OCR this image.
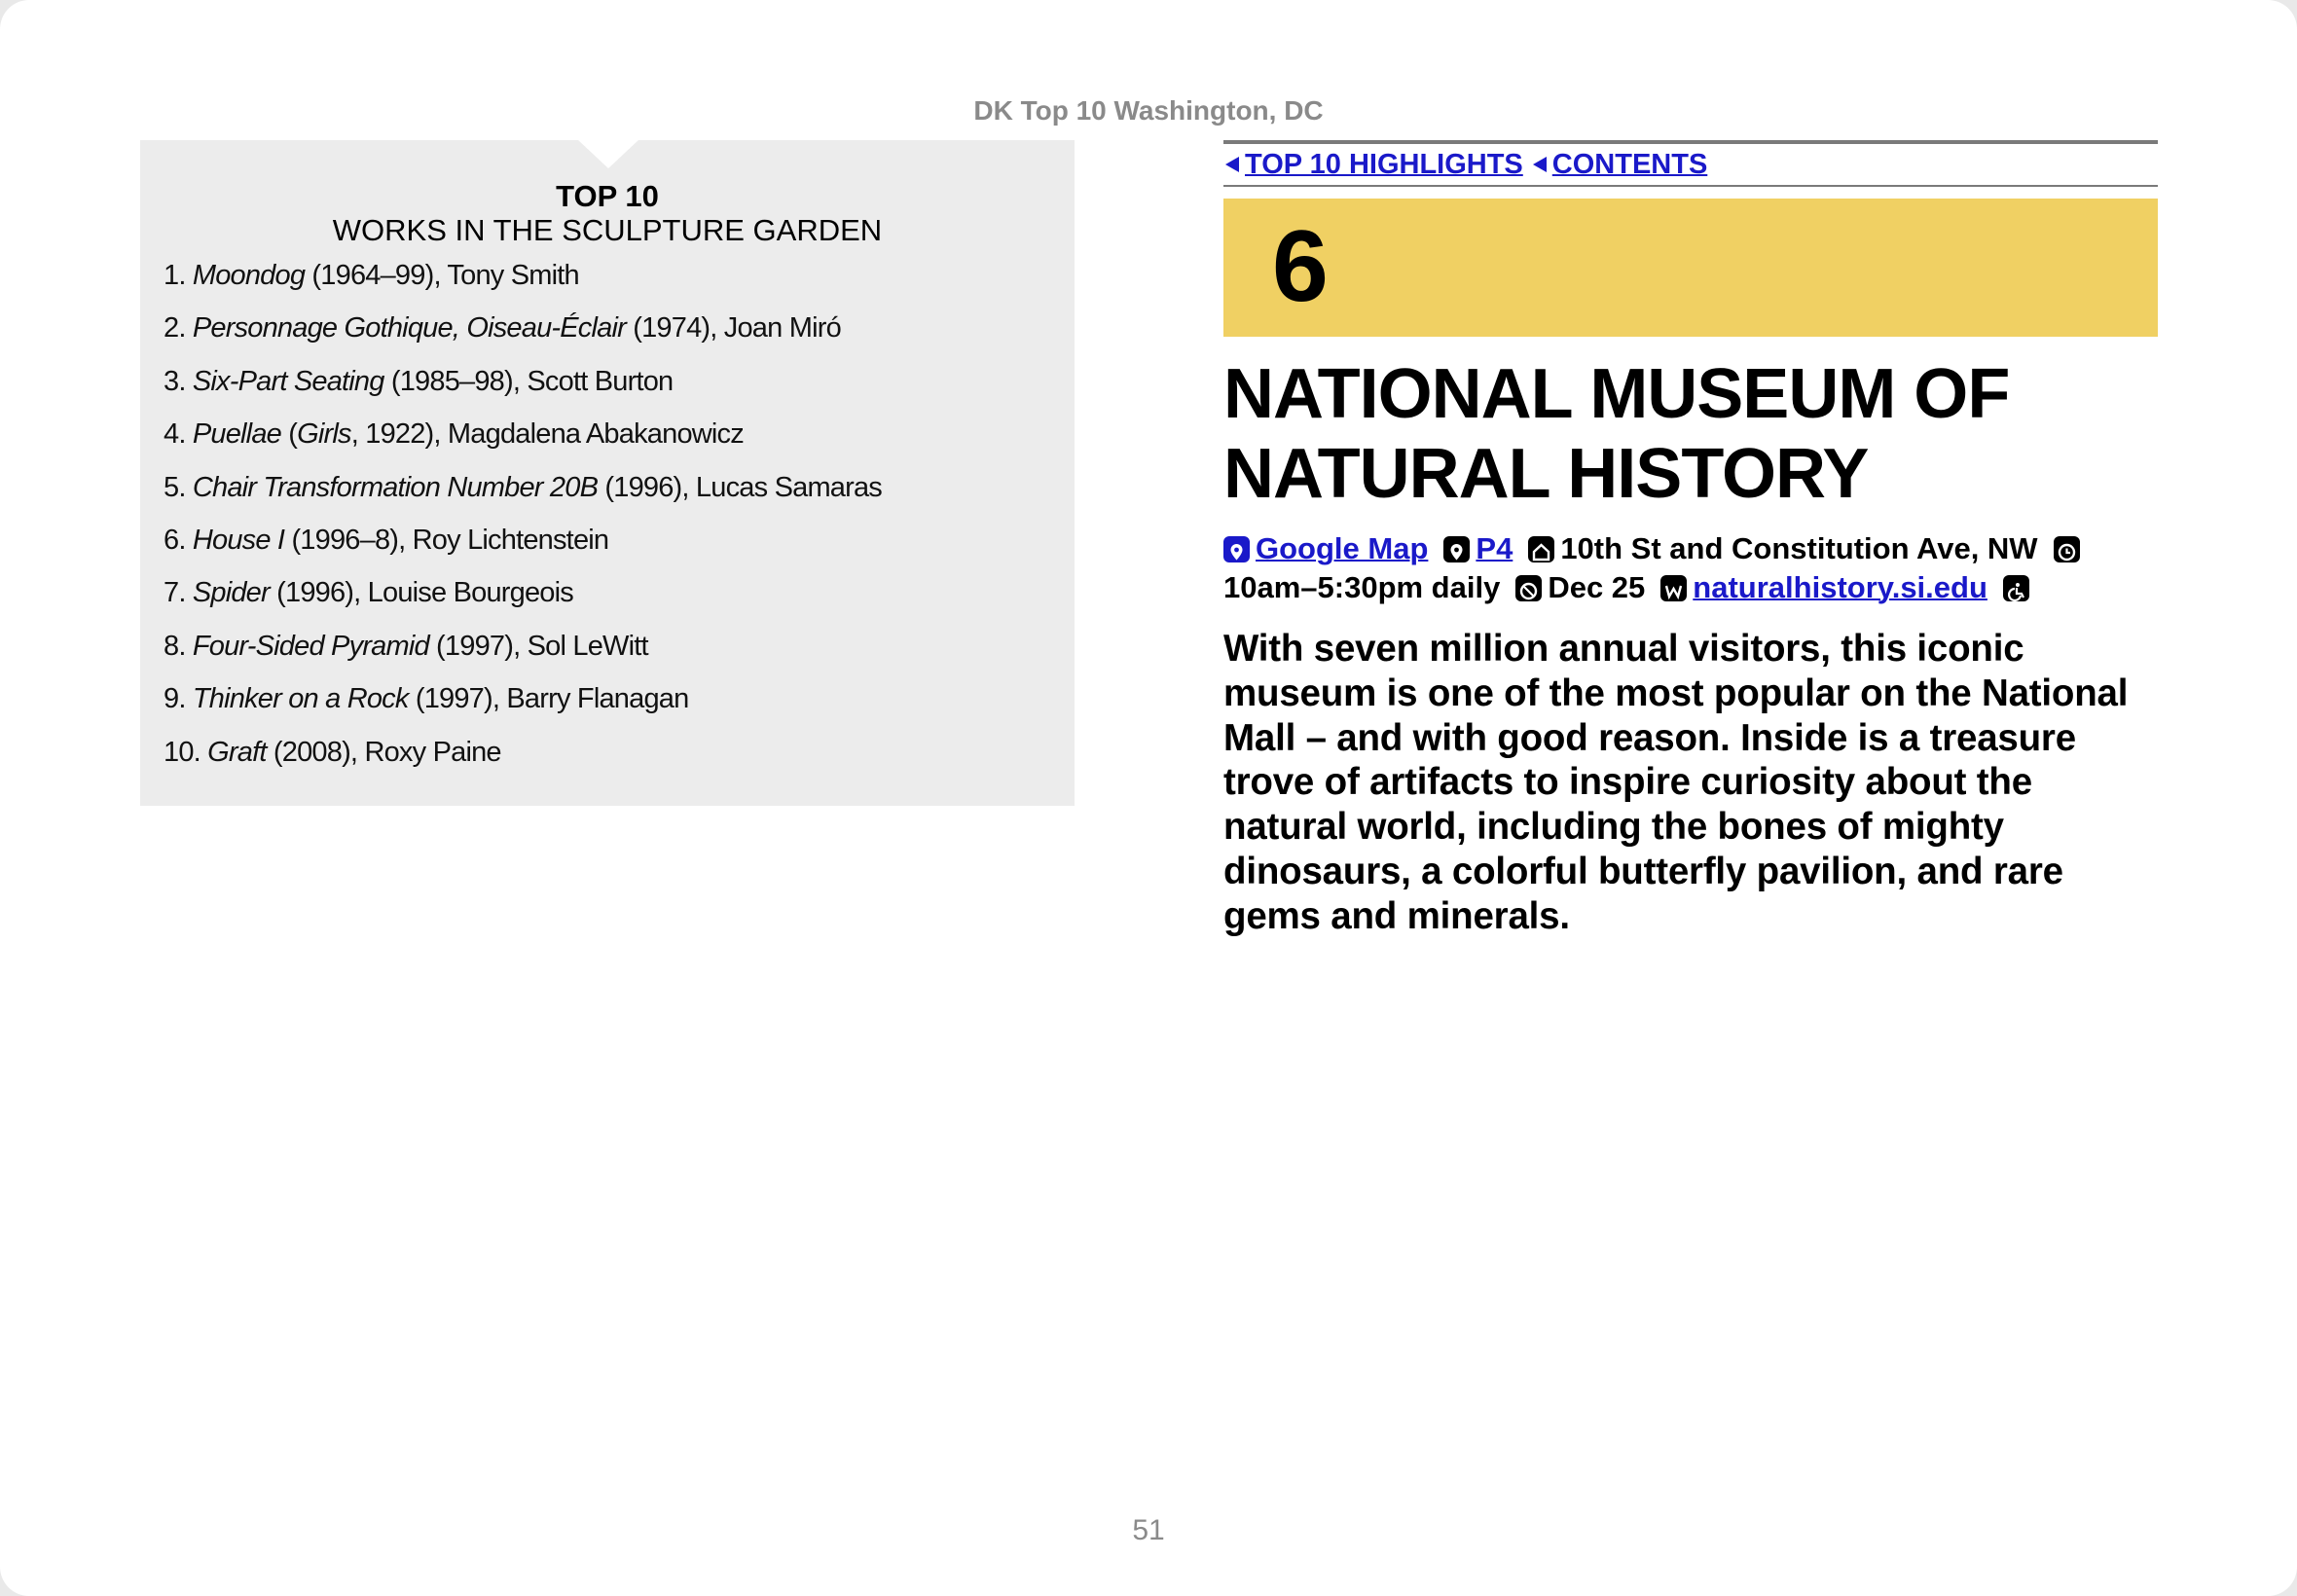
DK Top 10 Washington, DC
TOP 10
WORKS IN THE SCULPTURE GARDEN
1. Moondog (1964–99), Tony Smith
2. Personnage Gothique, Oiseau-Éclair (1974), Joan Miró
3. Six-Part Seating (1985–98), Scott Burton
4. Puellae (Girls, 1922), Magdalena Abakanowicz
5. Chair Transformation Number 20B (1996), Lucas Samaras
6. House I (1996–8), Roy Lichtenstein
7. Spider (1996), Louise Bourgeois
8. Four-Sided Pyramid (1997), Sol LeWitt
9. Thinker on a Rock (1997), Barry Flanagan
10. Graft (2008), Roxy Paine
TOP 10 HIGHLIGHTS CONTENTS
6
NATIONAL MUSEUM OF
NATURAL HISTORY
Google Map P4 10th St and Constitution Ave, NW
10am–5:30pm daily Dec 25 naturalhistory.si.edu
With seven million annual visitors, this iconic museum is one of the most popular on the National Mall – and with good reason. Inside is a treasure trove of artifacts to inspire curiosity about the natural world, including the bones of mighty dinosaurs, a colorful butterfly pavilion, and rare gems and minerals.
51
